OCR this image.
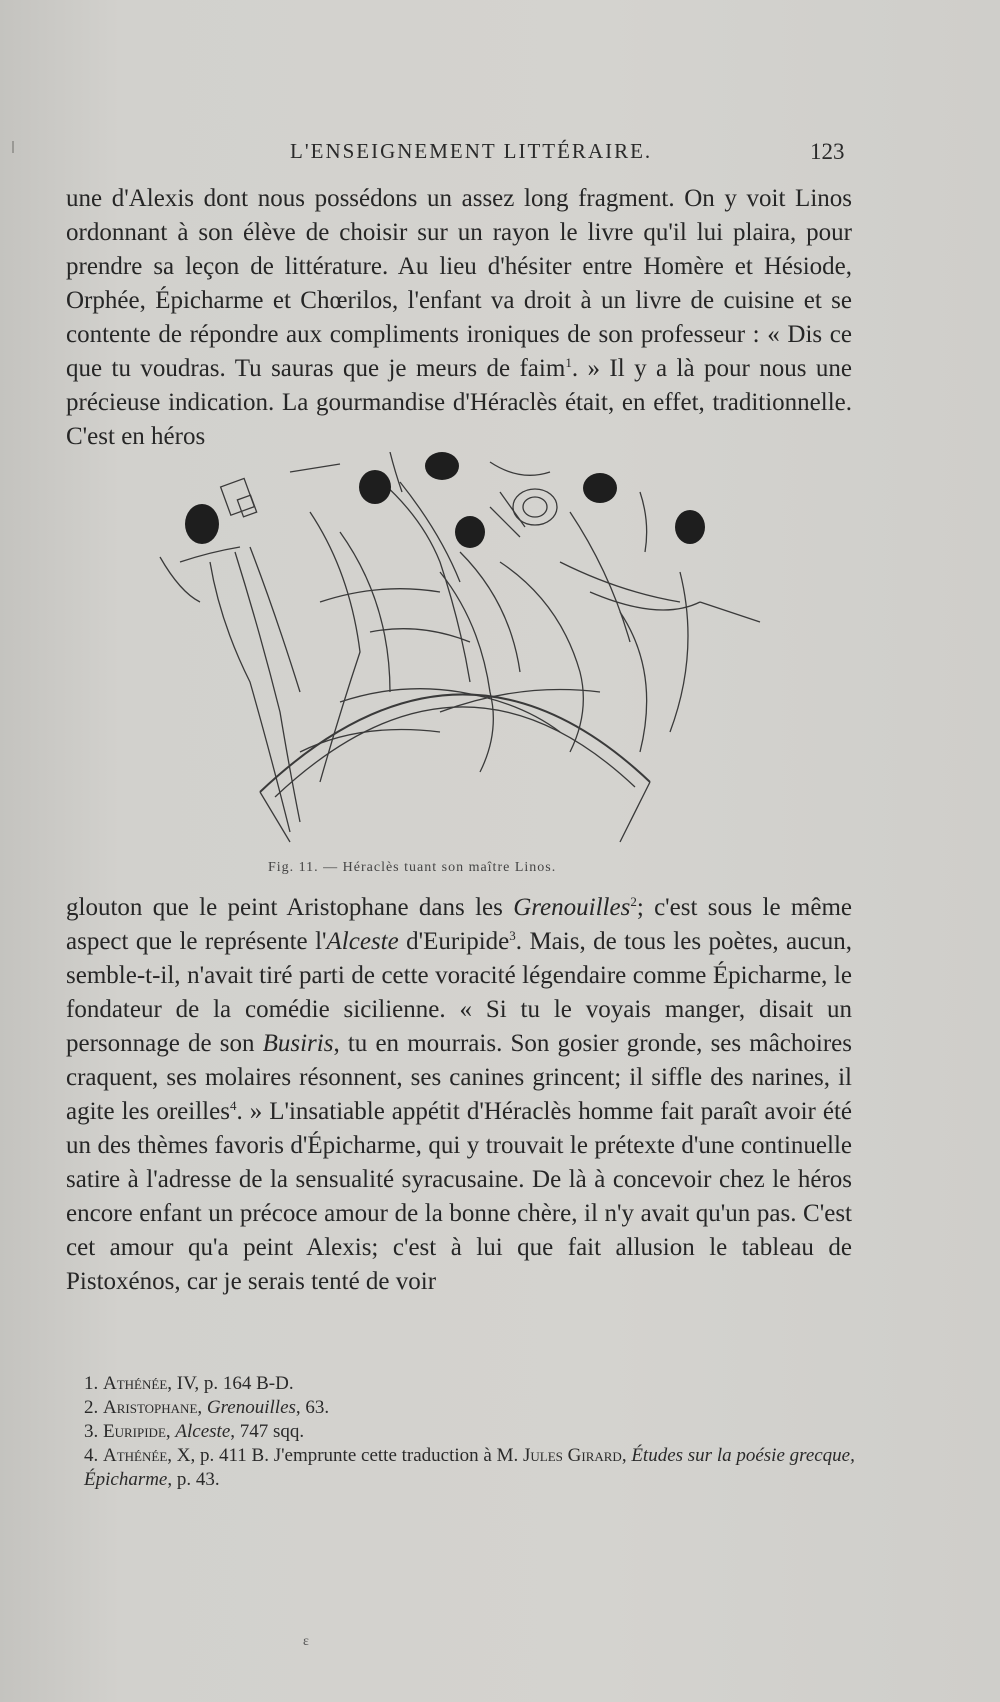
L'ENSEIGNEMENT LITTÉRAIRE.	123

une d'Alexis dont nous possédons un assez long fragment. On y voit Linos ordonnant à son élève de choisir sur un rayon le livre qu'il lui plaira, pour prendre sa leçon de littérature. Au lieu d'hésiter entre Homère et Hésiode, Orphée, Épicharme et Chœrilos, l'enfant va droit à un livre de cuisine et se contente de répondre aux compliments ironiques de son professeur : « Dis ce que tu voudras. Tu sauras que je meurs de faim$^1$. » Il y a là pour nous une précieuse indication. La gourmandise d'Héraclès était, en effet, traditionnelle. C'est en héros

Fig. 11. — Héraclès tuant son maître Linos.

glouton que le peint Aristophane dans les Grenouilles$^2$; c'est sous le même aspect que le représente l'Alceste d'Euripide$^3$. Mais, de tous les poètes, aucun, semble-t-il, n'avait tiré parti de cette voracité légendaire comme Épicharme, le fondateur de la comédie sicilienne. « Si tu le voyais manger, disait un personnage de son Busiris, tu en mourrais. Son gosier gronde, ses mâchoires craquent, ses molaires résonnent, ses canines grincent; il siffle des narines, il agite les oreilles$^4$. » L'insatiable appétit d'Héraclès homme fait paraît avoir été un des thèmes favoris d'Épicharme, qui y trouvait le prétexte d'une continuelle satire à l'adresse de la sensualité syracusaine. De là à concevoir chez le héros encore enfant un précoce amour de la bonne chère, il n'y avait qu'un pas. C'est cet amour qu'a peint Alexis; c'est à lui que fait allusion le tableau de Pistoxénos, car je serais tenté de voir

1. Athénée, IV, p. 164 B-D.
2. Aristophane, Grenouilles, 63.
3. Euripide, Alceste, 747 sqq.
4. Athénée, X, p. 411 B. J'emprunte cette traduction à M. Jules Girard, Études sur la poésie grecque, Épicharme, p. 43.
ε
